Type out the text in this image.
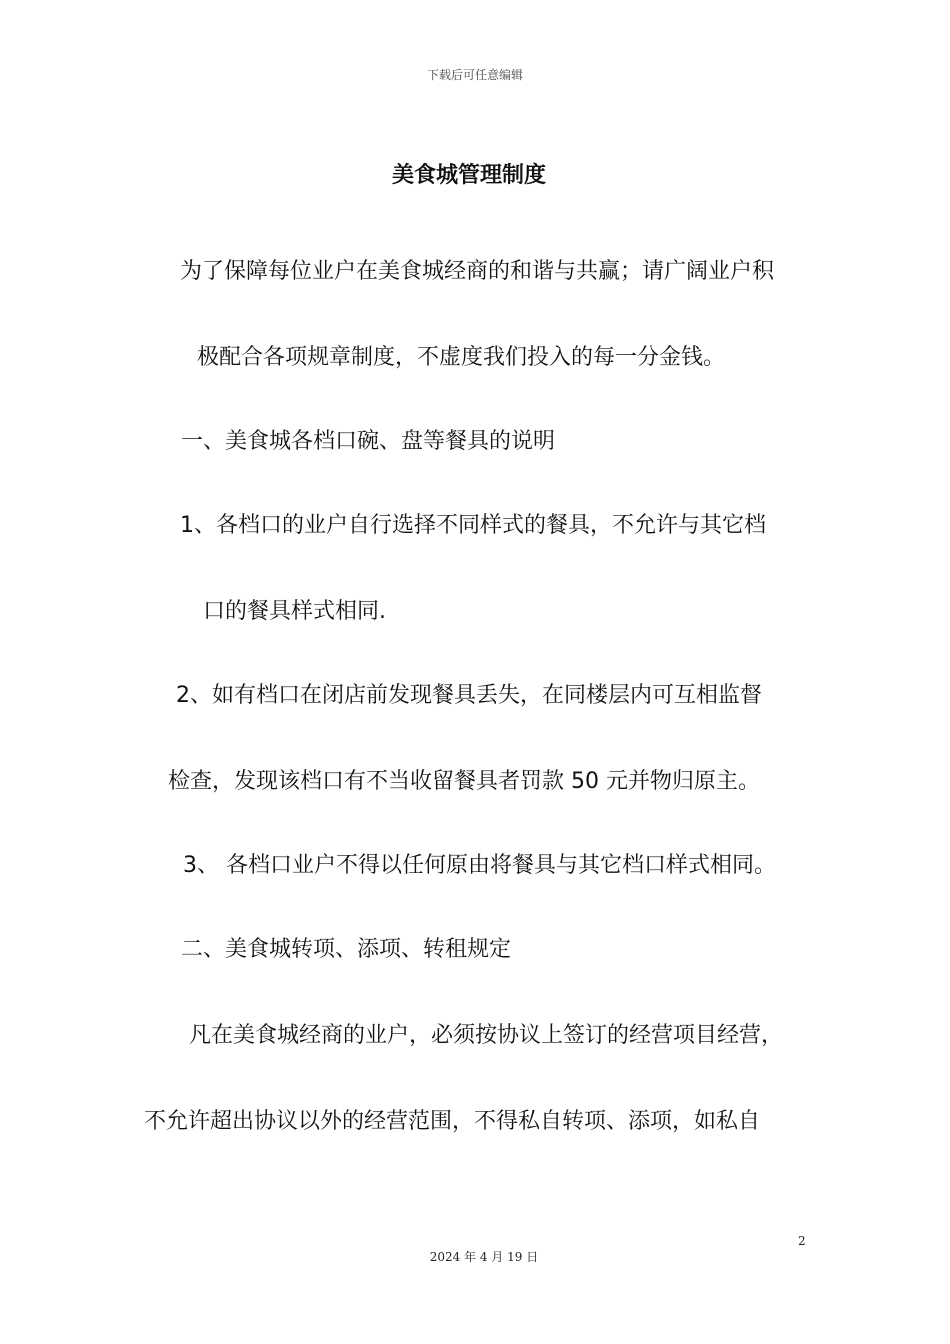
下载后可任意编辑
美食城管理制度
为了保障每位业户在美食城经商的和谐与共赢；请广阔业户积
极配合各项规章制度，不虚度我们投入的每一分金钱。
一、美食城各档口碗、盘等餐具的说明
1、各档口的业户自行选择不同样式的餐具，不允许与其它档
口的餐具样式相同.
2、如有档口在闭店前发现餐具丢失，在同楼层内可互相监督
检查，发现该档口有不当收留餐具者罚款 50 元并物归原主。
3、 各档口业户不得以任何原由将餐具与其它档口样式相同。
二、美食城转项、添项、转租规定
凡在美食城经商的业户，必须按协议上签订的经营项目经营，
不允许超出协议以外的经营范围，不得私自转项、添项，如私自
2
2024 年 4 月 19 日
